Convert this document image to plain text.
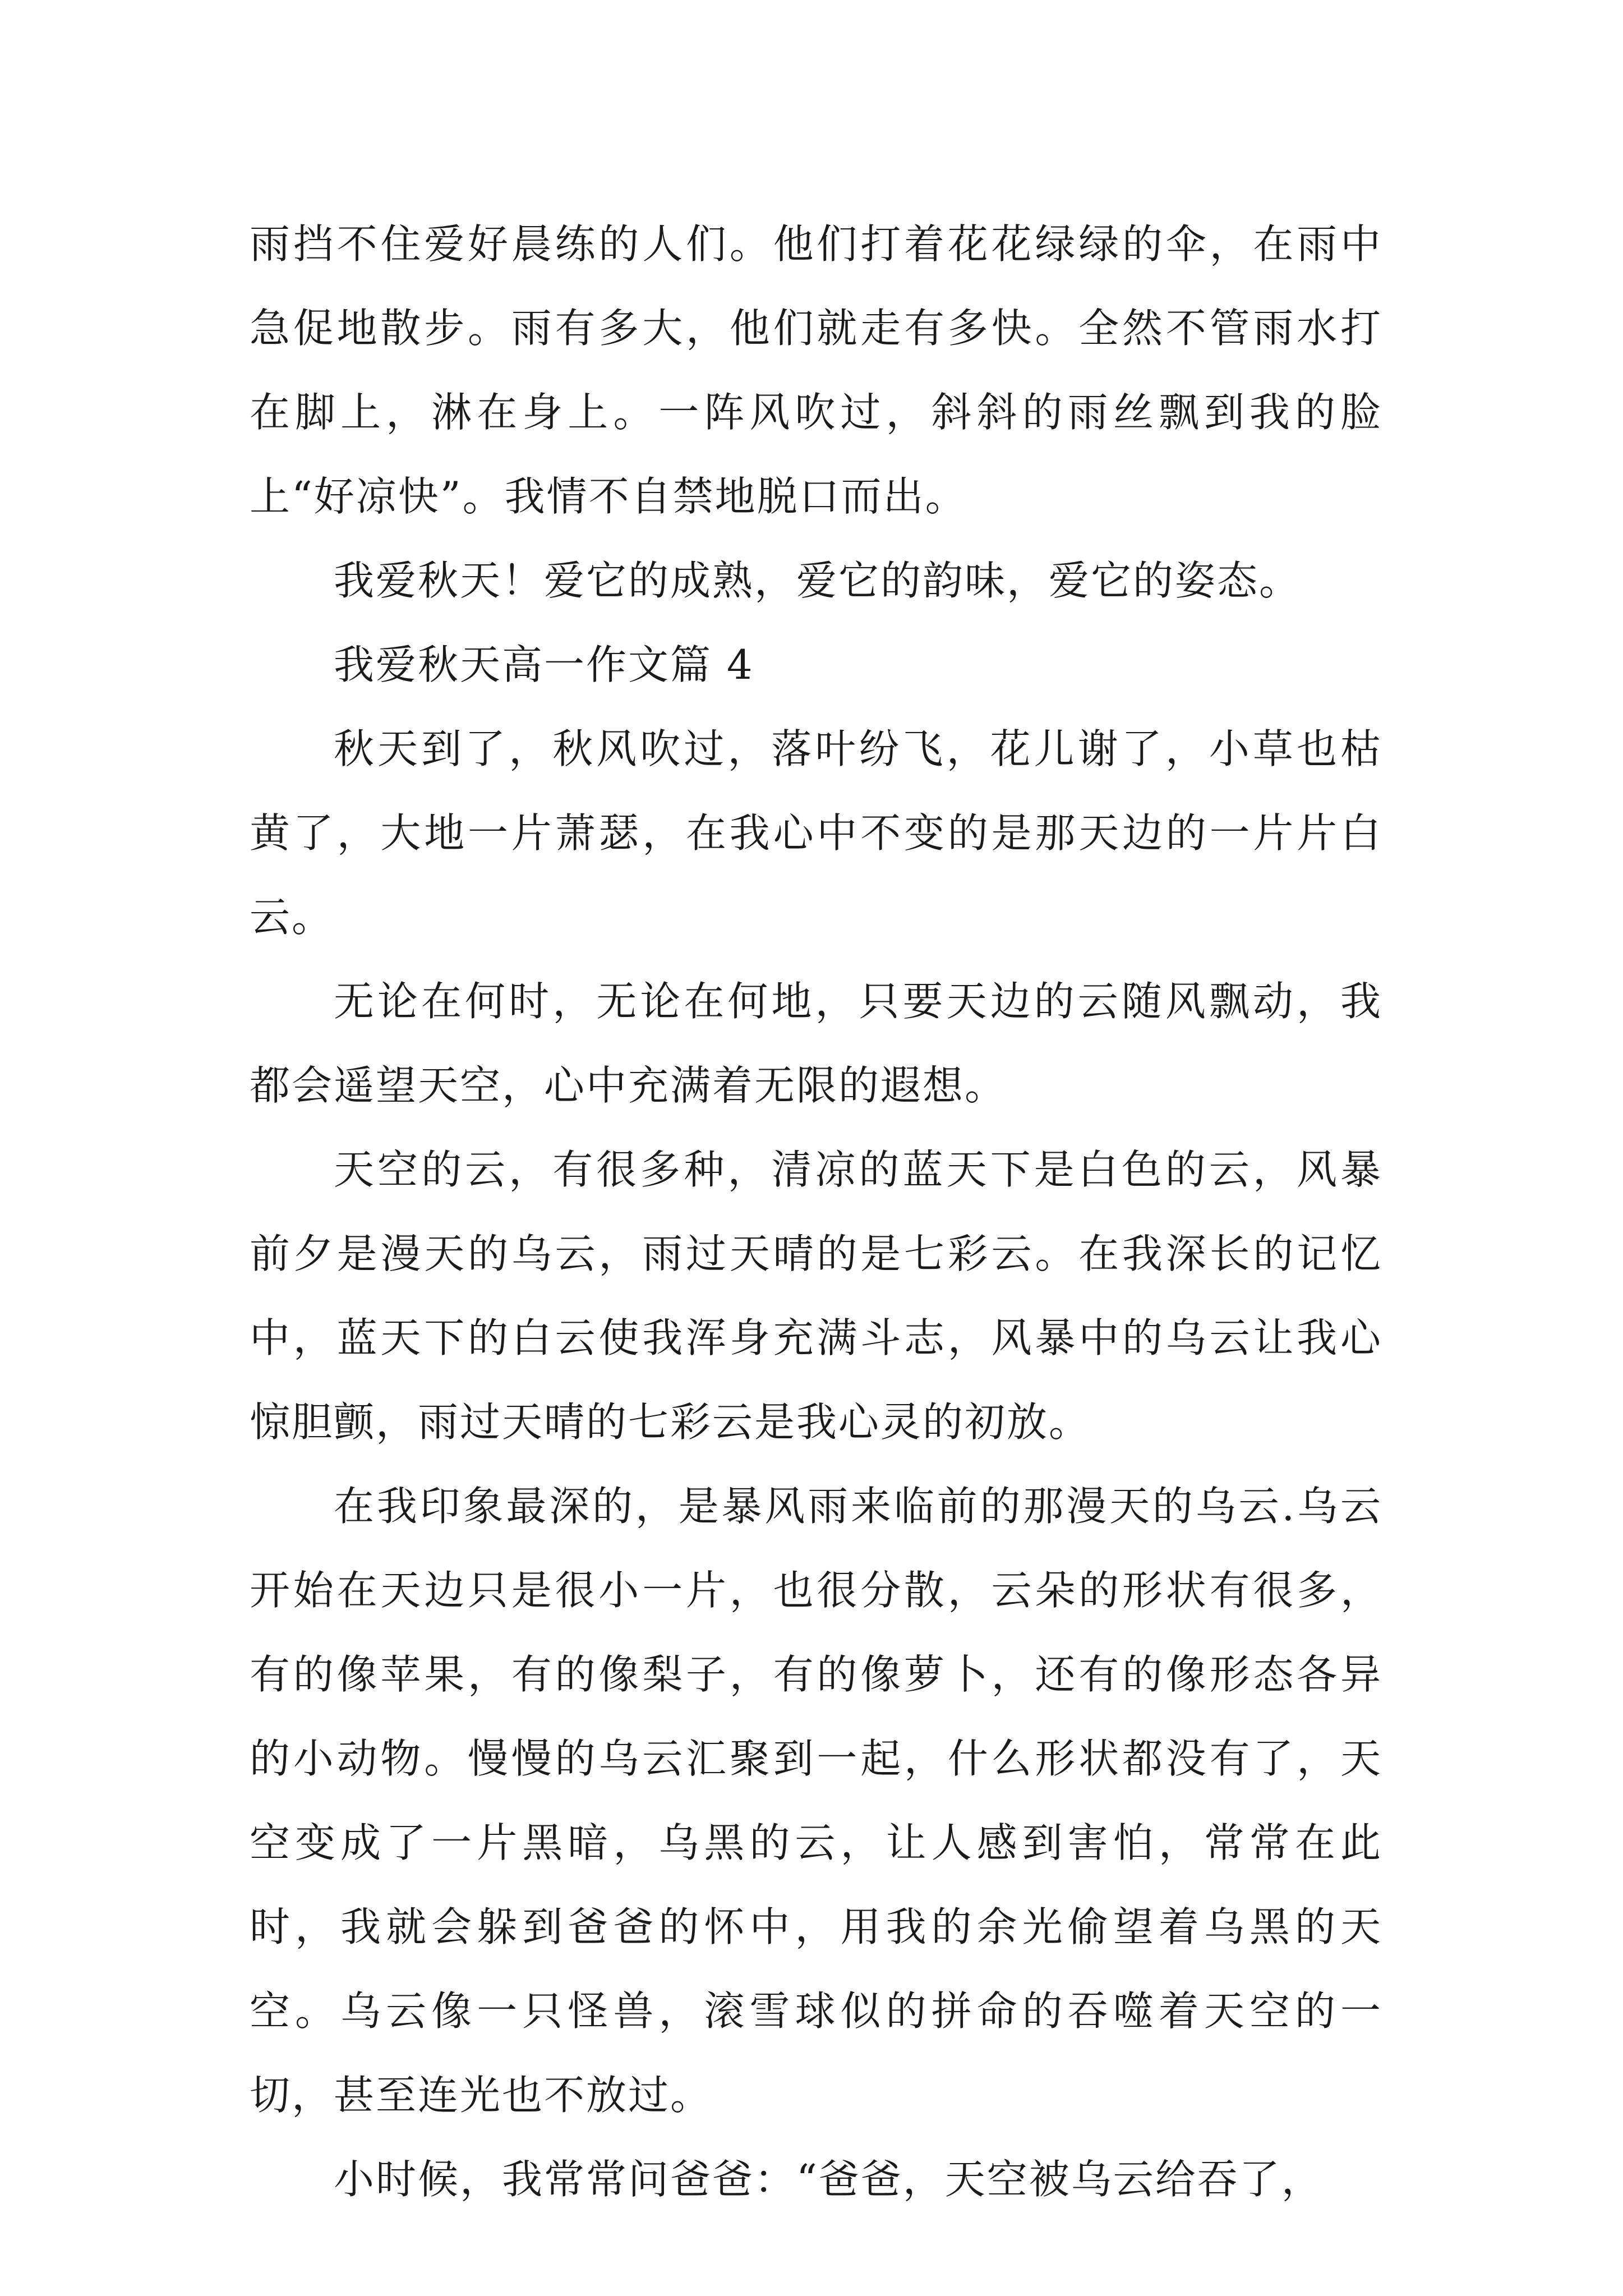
雨挡不住爱好晨练的人们。他们打着花花绿绿的伞，在雨中急促地散步。雨有多大，他们就走有多快。全然不管雨水打在脚上，淋在身上。一阵风吹过，斜斜的雨丝飘到我的脸上“好凉快”。我情不自禁地脱口而出。

我爱秋天！爱它的成熟，爱它的韵味，爱它的姿态。

我爱秋天高一作文篇 4

秋天到了，秋风吹过，落叶纷飞，花儿谢了，小草也枯黄了，大地一片萧瑟，在我心中不变的是那天边的一片片白云。

无论在何时，无论在何地，只要天边的云随风飘动，我都会遥望天空，心中充满着无限的遐想。

天空的云，有很多种，清凉的蓝天下是白色的云，风暴前夕是漫天的乌云，雨过天晴的是七彩云。在我深长的记忆中，蓝天下的白云使我浑身充满斗志，风暴中的乌云让我心惊胆颤，雨过天晴的七彩云是我心灵的初放。

在我印象最深的，是暴风雨来临前的那漫天的乌云.乌云开始在天边只是很小一片，也很分散，云朵的形状有很多，有的像苹果，有的像梨子，有的像萝卜，还有的像形态各异的小动物。慢慢的乌云汇聚到一起，什么形状都没有了，天空变成了一片黑暗，乌黑的云，让人感到害怕，常常在此时，我就会躲到爸爸的怀中，用我的余光偷望着乌黑的天空。乌云像一只怪兽，滚雪球似的拼命的吞噬着天空的一切，甚至连光也不放过。

小时候，我常常问爸爸：“爸爸，天空被乌云给吞了，
